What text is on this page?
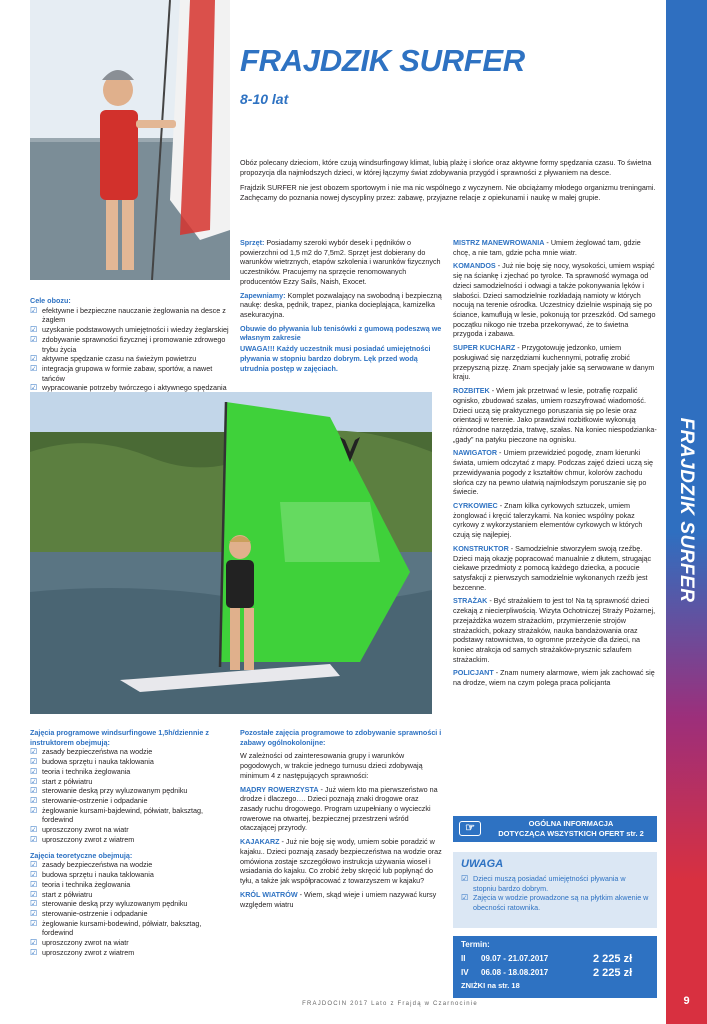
FRAJDZIK SURFER
9
FRAJDZIK SURFER
8-10 lat

Obóz polecany dzieciom, które czują windsurfingowy klimat, lubią plażę i słońce oraz aktywne formy spędzania czasu. To świetna propozycja dla najmłodszych dzieci, w której łączymy świat zdobywania przygód i sprawności z pływaniem na desce.

Frajdzik SURFER nie jest obozem sportowym i nie ma nic wspólnego z wyczynem. Nie obciążamy młodego organizmu treningami. Zachęcamy do poznania nowej dyscypliny przez: zabawę, przyjazne relacje z opiekunami i naukę w małej grupie.

Cele obozu:
☑ efektywne i bezpieczne nauczanie żeglowania na desce z żaglem
☑ uzyskanie podstawowych umiejętności i wiedzy żeglarskiej
☑ zdobywanie sprawności fizycznej i promowanie zdrowego trybu życia
☑ aktywne spędzanie czasu na świeżym powietrzu
☑ integracja grupowa w formie zabaw, sportów, a nawet tańców
☑ wypracowanie potrzeby twórczego i aktywnego spędzania
☑

Sprzęt: Posiadamy szeroki wybór desek i pędników o powierzchni od 1,5 m2 do 7,5m2. Sprzęt jest dobierany do warunków wietrznych, etapów szkolenia i warunków fizycznych uczestników. Pracujemy na sprzęcie renomowanych producentów Ezzy Sails, Naish, Exocet.

Zapewniamy: Komplet pozwalający na swobodną i bezpieczną naukę: deska, pędnik, trapez, pianka docieplająca, kamizelka asekuracyjna.

Obuwie do pływania lub tenisówki z gumową podeszwą we własnym zakresie

UWAGA!!! Każdy uczestnik musi posiadać umiejętności pływania w stopniu bardzo dobrym. Lęk przed wodą utrudnia postęp w zajęciach.

MISTRZ MANEWROWANIA - Umiem żeglować tam, gdzie chcę, a nie tam, gdzie pcha mnie wiatr.

KOMANDOS - Już nie boję się nocy, wysokości, umiem wspiąć się na ściankę i zjechać po tyrolce. Ta sprawność wymaga od dzieci samodzielności i odwagi a także pokonywania lęków i słabości. Dzieci samodzielnie rozkładają namioty w których nocują na terenie ośrodka. Uczestnicy dzielnie wspinają się po ściance, kamuflują w lesie, pokonują tor przeszkód. Od samego początku nikogo nie trzeba przekonywać, że to świetna przygoda i zabawa.

SUPER KUCHARZ - Przygotowuję jedzonko, umiem posługiwać się narzędziami kuchennymi, potrafię zrobić przepyszną pizzę. Znam specjały jakie są serwowane w danym kraju.

ROZBITEK - Wiem jak przetrwać w lesie, potrafię rozpalić ognisko, zbudować szałas, umiem rozszyfrować wiadomość. Dzieci uczą się praktycznego poruszania się po lesie oraz orientacji w terenie. Jako prawdziwi rozbitkowie wykonują różnorodne narzędzia, tratwę, szałas. Na koniec niespodzianka- „gady” na patyku pieczone na ognisku.

NAWIGATOR - Umiem przewidzieć pogodę, znam kierunki świata, umiem odczytać z mapy. Podczas zajęć dzieci uczą się przewidywania pogody z kształtów chmur, kolorów zachodu słońca czy na pewno ułatwią najmłodszym poruszanie się po świecie.

CYRKOWIEC - Znam kilka cyrkowych sztuczek, umiem żonglować i kręcić talerzykami. Na koniec wspólny pokaz cyrkowy z wykorzystaniem elementów cyrkowych w których czują się najlepiej.

KONSTRUKTOR - Samodzielnie stworzyłem swoją rzeźbę. Dzieci mają okazję popracować manualnie z dłutem, strugając ciekawe przedmioty z pomocą każdego dziecka, a pocucie satysfakcji z pierwszych samodzielnie wykonanych rzeźb jest bezcenne.

STRAŻAK - Być strażakiem to jest to! Na tą sprawność dzieci czekają z niecierpliwością. Wizyta Ochotniczej Straży Pożarnej, przejażdżka wozem strażackim, przymierzenie strojów strażackich, pokazy strażaków, nauka bandażowania oraz podstawy ratownictwa, to ogromne przeżycie dla dzieci, na koniec atrakcja od samych strażaków-prysznic szlaufem strażackim.

POLICJANT - Znam numery alarmowe, wiem jak zachować się na drodze, wiem na czym polega praca policjanta

Zajęcia programowe windsurfingowe 1,5h/dziennie z instruktorem obejmują:
☑ zasady bezpieczeństwa na wodzie
☑ budowa sprzętu i nauka taklowania
☑ teoria i technika żeglowania
☑ start z półwiatru
☑ sterowanie deską przy wyluzowanym pędniku
☑ sterowanie-ostrzenie i odpadanie
☑ żeglowanie kursami-bajdewind, półwiatr, baksztag, fordewind
☑ uproszczony zwrot na wiatr
☑ uproszczony zwrot z wiatrem
Zajęcia teoretyczne obejmują:
☑ zasady bezpieczeństwa na wodzie
☑ budowa sprzętu i nauka taklowania
☑ teoria i technika żeglowania
☑ start z półwiatru
☑ sterowanie deską przy wyluzowanym pędniku
☑ sterowanie-ostrzenie i odpadanie
☑ żeglowanie kursami-bodewind, półwiatr, baksztag, fordewind
☑ uproszczony zwrot na wiatr
☑ uproszczony zwrot z wiatrem

Pozostałe zajęcia programowe to zdobywanie sprawności i zabawy ogólnokolonijne:

W zależności od zainteresowania grupy i warunków pogodowych, w trakcie jednego turnusu dzieci zdobywają minimum 4 z następujących sprawności:

MĄDRY ROWERZYSTA - Już wiem kto ma pierwszeństwo na drodze i dlaczego…. Dzieci poznają znaki drogowe oraz zasady ruchu drogowego. Program uzupełniany o wycieczki rowerowe na otwartej, bezpiecznej przestrzeni wśród otaczającej przyrody.

KAJAKARZ - Już nie boję się wody, umiem sobie poradzić w kajaku.. Dzieci poznają zasady bezpieczeństwa na wodzie oraz omówiona zostaje szczegółowo instrukcja używania wioseł i wsiadania do kajaku. Co zrobić żeby skręcić lub popłynąć do tyłu, a także jak współpracować z towarzyszem w kajaku?

KRÓL WIATRÓW - Wiem, skąd wieje i umiem nazywać kursy względem wiatru

☞	OGÓLNA INFORMACJA
DOTYCZĄCA WSZYSTKICH OFERT str. 2
UWAGA
☑ Dzieci muszą posiadać umiejętności pływania w stopniu bardzo dobrym.
☑ Zajęcia w wodzie prowadzone są na płytkim akwenie w obecności ratownika.
Termin:
II 09.07 - 21.07.2017	2 225 zł
IV 06.08 - 18.08.2017	2 225 zł
ZNIŻKI na str. 18
FRAJDOCIN 2017 Lato z Frajdą w Czarnocinie
